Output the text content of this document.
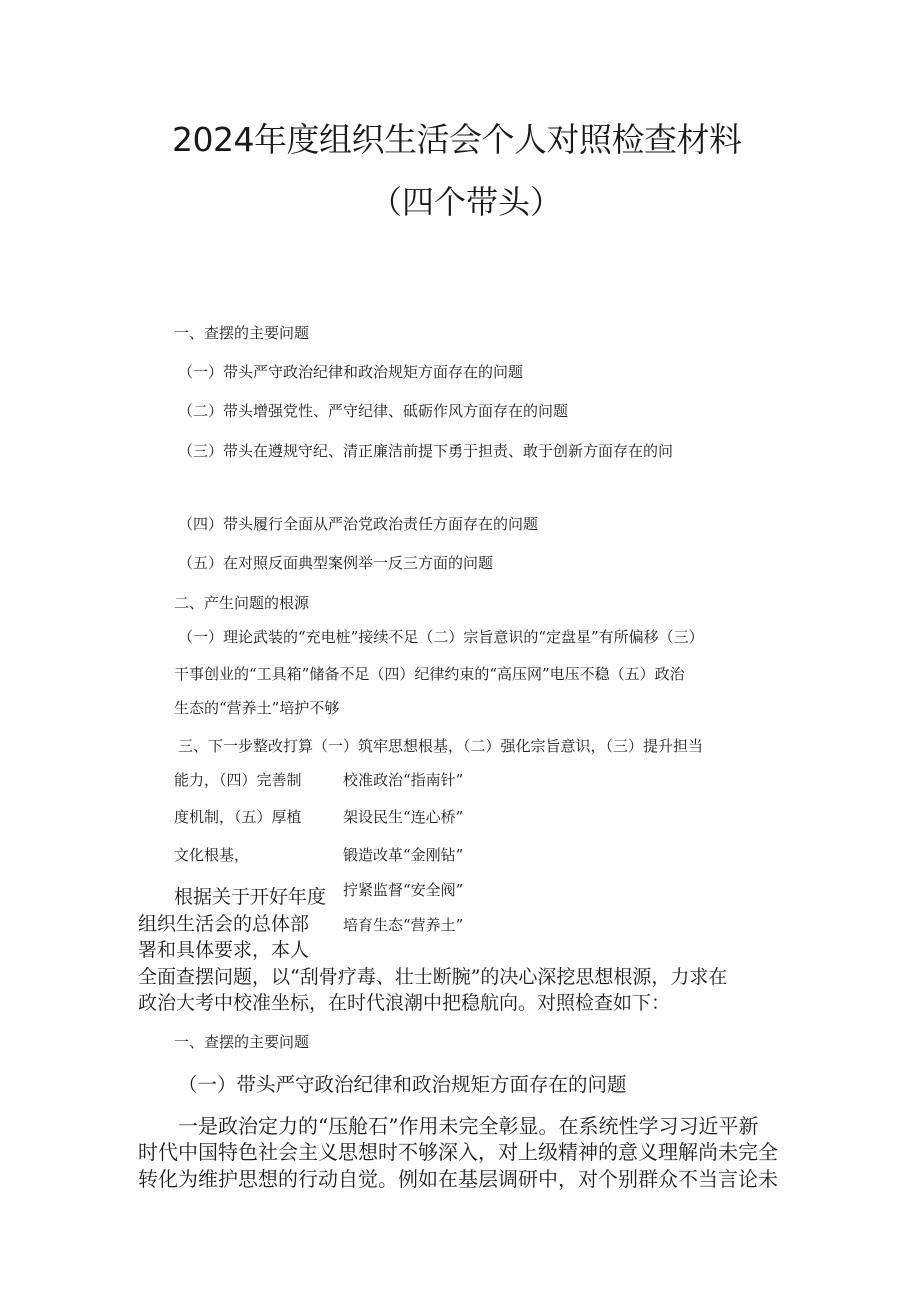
2024年度组织生活会个人对照检查材料
（四个带头）
一、查摆的主要问题
（一）带头严守政治纪律和政治规矩方面存在的问题
（二）带头增强党性、严守纪律、砥砺作风方面存在的问题
（三）带头在遵规守纪、清正廉洁前提下勇于担责、敢于创新方面存在的问
（四）带头履行全面从严治党政治责任方面存在的问题
（五）在对照反面典型案例举一反三方面的问题
二、产生问题的根源
（一）理论武装的“充电桩”接续不足（二）宗旨意识的“定盘星”有所偏移（三）
干事创业的“工具箱”储备不足（四）纪律约束的“高压网”电压不稳（五）政治
生态的“营养土”培护不够
三、下一步整改打算（一）筑牢思想根基，（二）强化宗旨意识，（三）提升担当
能力，（四）完善制
度机制，（五）厚植
文化根基，
校准政治“指南针”
架设民生“连心桥”
锻造改革“金刚钻”
拧紧监督“安全阀”
培育生态“营养土”
根据关于开好年度
组织生活会的总体部
署和具体要求，本人
全面查摆问题，以“刮骨疗毒、壮士断腕”的决心深挖思想根源，力求在
政治大考中校准坐标，在时代浪潮中把稳航向。对照检查如下：
一、查摆的主要问题
（一）带头严守政治纪律和政治规矩方面存在的问题
一是政治定力的“压舱石”作用未完全彰显。在系统性学习习近平新
时代中国特色社会主义思想时不够深入，对上级精神的意义理解尚未完全
转化为维护思想的行动自觉。例如在基层调研中，对个别群众不当言论未
